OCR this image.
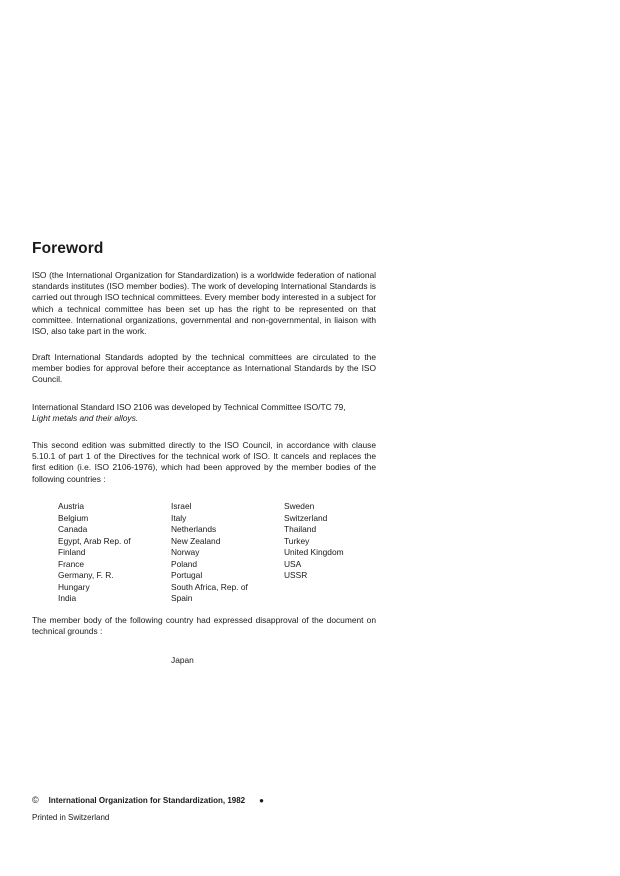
Foreword

ISO (the International Organization for Standardization) is a worldwide federation of national standards institutes (ISO member bodies). The work of developing International Standards is carried out through ISO technical committees. Every member body interested in a subject for which a technical committee has been set up has the right to be represented on that committee. International organizations, governmental and non-governmental, in liaison with ISO, also take part in the work.

Draft International Standards adopted by the technical committees are circulated to the member bodies for approval before their acceptance as International Standards by the ISO Council.

International Standard ISO 2106 was developed by Technical Committee ISO/TC 79,
Light metals and their alloys.

This second edition was submitted directly to the ISO Council, in accordance with clause 5.10.1 of part 1 of the Directives for the technical work of ISO. It cancels and replaces the first edition (i.e. ISO 2106-1976), which had been approved by the member bodies of the following countries :

Austria
Belgium
Canada
Egypt, Arab Rep. of
Finland
France
Germany, F. R.
Hungary
India
Israel
Italy
Netherlands
New Zealand
Norway
Poland
Portugal
South Africa, Rep. of
Spain
Sweden
Switzerland
Thailand
Turkey
United Kingdom
USA
USSR

The member body of the following country had expressed disapproval of the document on technical grounds :

Japan
© International Organization for Standardization, 1982 ●
Printed in Switzerland
